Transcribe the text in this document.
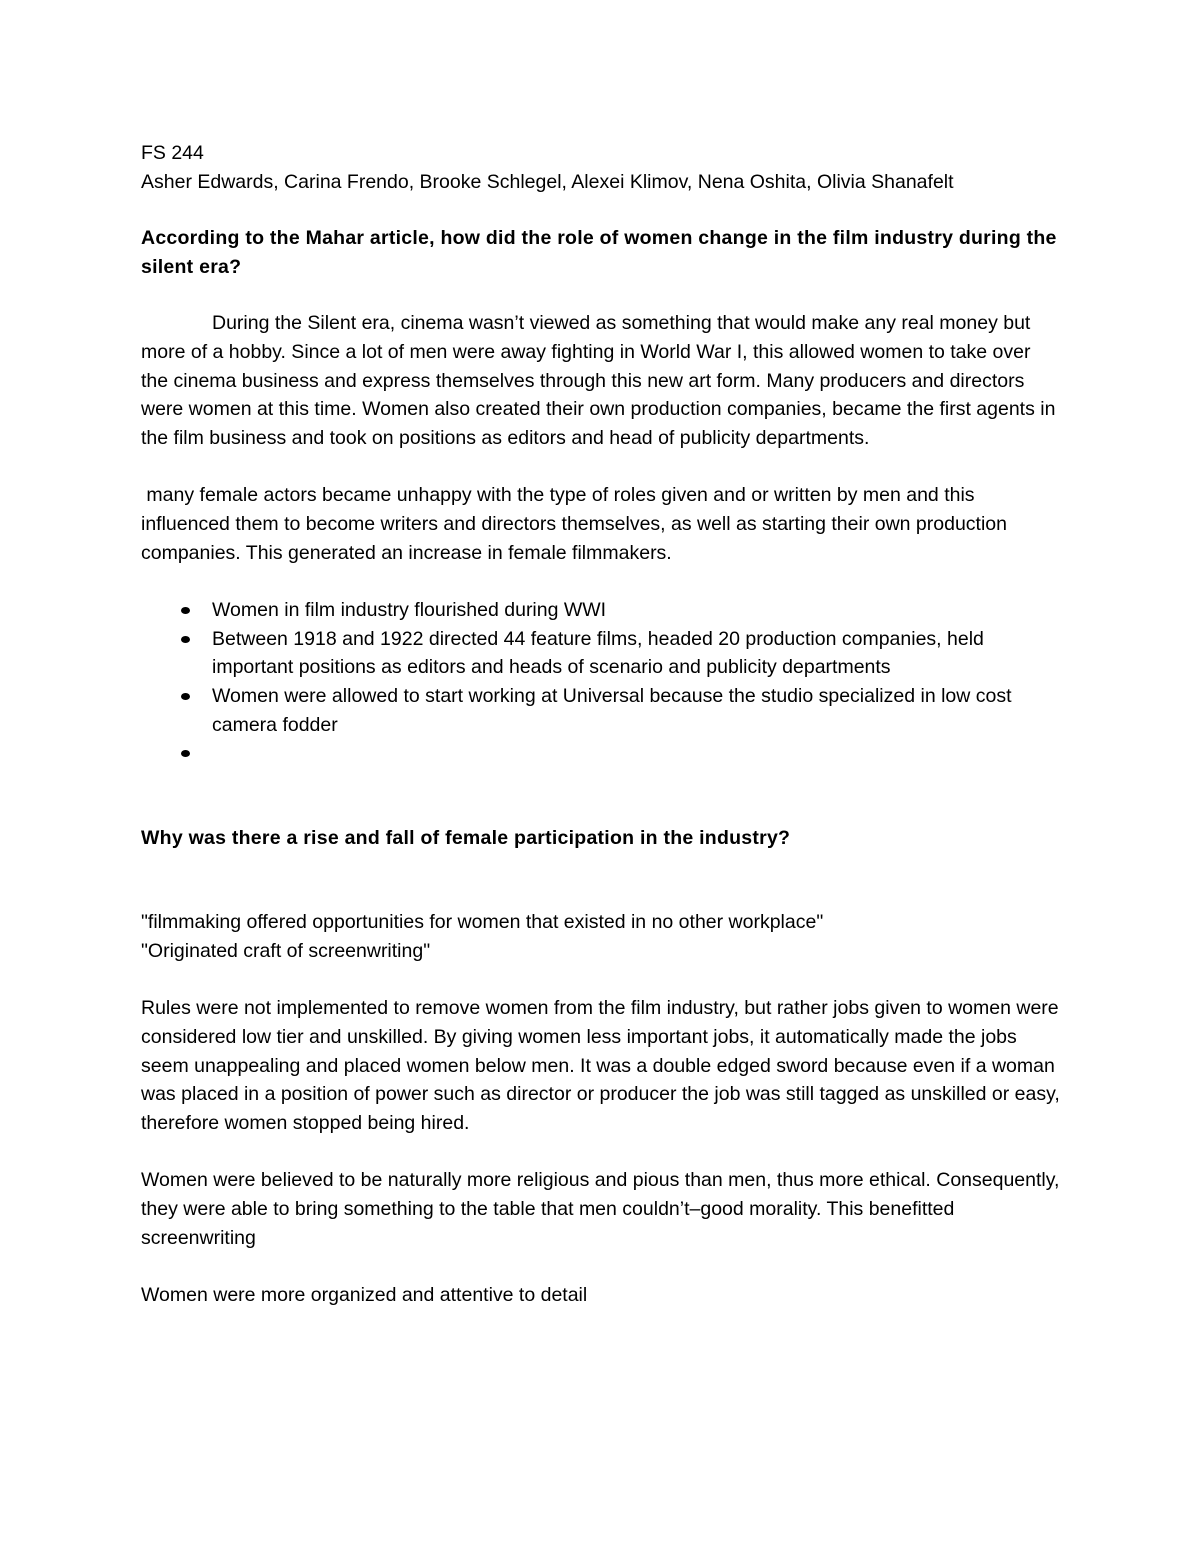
FS 244

Asher Edwards, Carina Frendo, Brooke Schlegel, Alexei Klimov, Nena Oshita, Olivia Shanafelt

According to the Mahar article, how did the role of women change in the film industry during the silent era?

During the Silent era, cinema wasn’t viewed as something that would make any real money but more of a hobby. Since a lot of men were away fighting in World War I, this allowed women to take over the cinema business and express themselves through this new art form. Many producers and directors were women at this time. Women also created their own production companies, became the first agents in the film business and took on positions as editors and head of publicity departments.

many female actors became unhappy with the type of roles given and or written by men and this influenced them to become writers and directors themselves, as well as starting their own production companies. This generated an increase in female filmmakers.

Women in film industry flourished during WWI
Between 1918 and 1922 directed 44 feature films, headed 20 production companies, held important positions as editors and heads of scenario and publicity departments
Women were allowed to start working at Universal because the studio specialized in low cost camera fodder

Why was there a rise and fall of female participation in the industry?

"filmmaking offered opportunities for women that existed in no other workplace"

"Originated craft of screenwriting"

Rules were not implemented to remove women from the film industry, but rather jobs given to women were considered low tier and unskilled. By giving women less important jobs, it automatically made the jobs seem unappealing and placed women below men. It was a double edged sword because even if a woman was placed in a position of power such as director or producer the job was still tagged as unskilled or easy, therefore women stopped being hired.

Women were believed to be naturally more religious and pious than men, thus more ethical. Consequently, they were able to bring something to the table that men couldn’t–good morality. This benefitted screenwriting

Women were more organized and attentive to detail
